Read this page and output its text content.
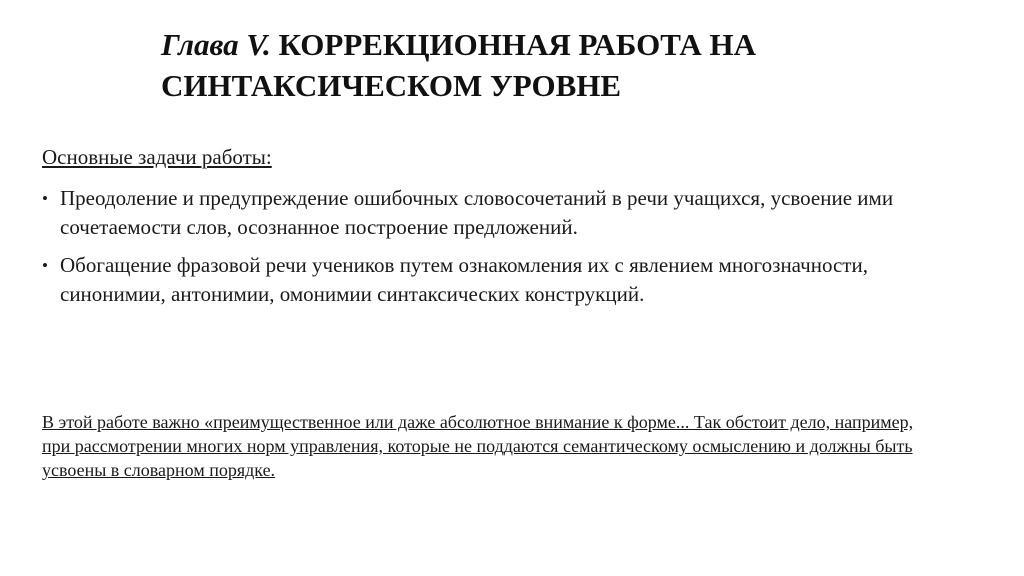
Глава V. КОРРЕКЦИОННАЯ РАБОТА НА СИНТАКСИЧЕСКОМ УРОВНЕ

Основные задачи работы:

• Преодоление и предупреждение ошибочных словосочетаний в речи учащихся, усвоение ими сочетаемости слов, осознанное построение предложений.
• Обогащение фразовой речи учеников путем ознакомления их с явлением многозначности, синонимии, антонимии, омонимии синтаксических конструкций.

В этой работе важно «преимущественное или даже абсолютное внимание к форме... Так обстоит дело, например, при рассмотрении многих норм управления, которые не поддаются семантическому осмыслению и должны быть усвоены в словарном порядке.
